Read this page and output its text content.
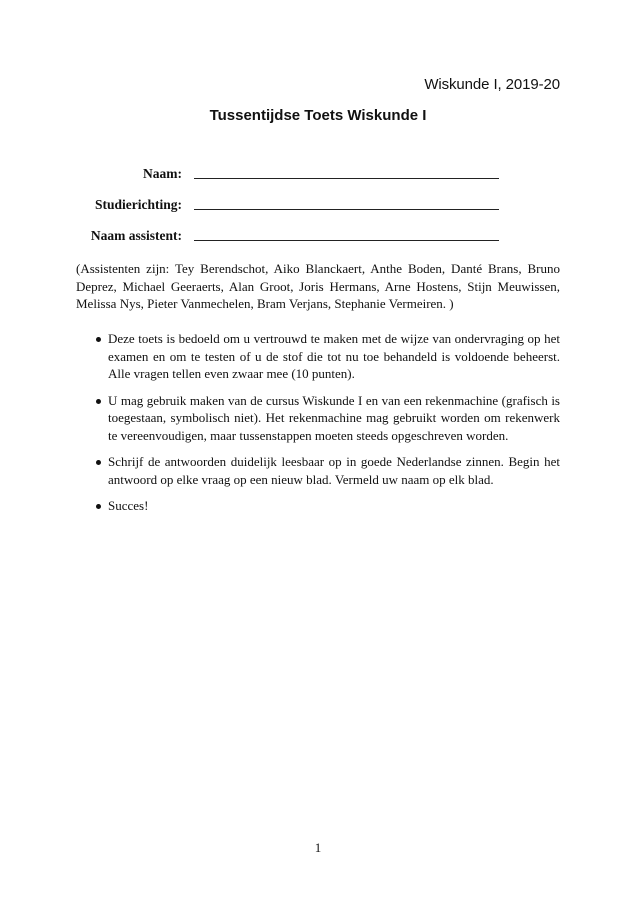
Wiskunde I, 2019-20
Tussentijdse Toets Wiskunde I
Naam:
Studierichting:
Naam assistent:
(Assistenten zijn: Tey Berendschot, Aiko Blanckaert, Anthe Boden, Danté Brans, Bruno Deprez, Michael Geeraerts, Alan Groot, Joris Hermans, Arne Hostens, Stijn Meuwissen, Melissa Nys, Pieter Vanmechelen, Bram Verjans, Stephanie Vermeiren. )
Deze toets is bedoeld om u vertrouwd te maken met de wijze van ondervraging op het examen en om te testen of u de stof die tot nu toe behandeld is voldoende beheerst. Alle vragen tellen even zwaar mee (10 punten).
U mag gebruik maken van de cursus Wiskunde I en van een rekenmachine (grafisch is toegestaan, symbolisch niet). Het rekenmachine mag gebruikt worden om rekenwerk te vereenvoudigen, maar tussenstappen moeten steeds opgeschreven worden.
Schrijf de antwoorden duidelijk leesbaar op in goede Nederlandse zinnen. Begin het antwoord op elke vraag op een nieuw blad. Vermeld uw naam op elk blad.
Succes!
1
